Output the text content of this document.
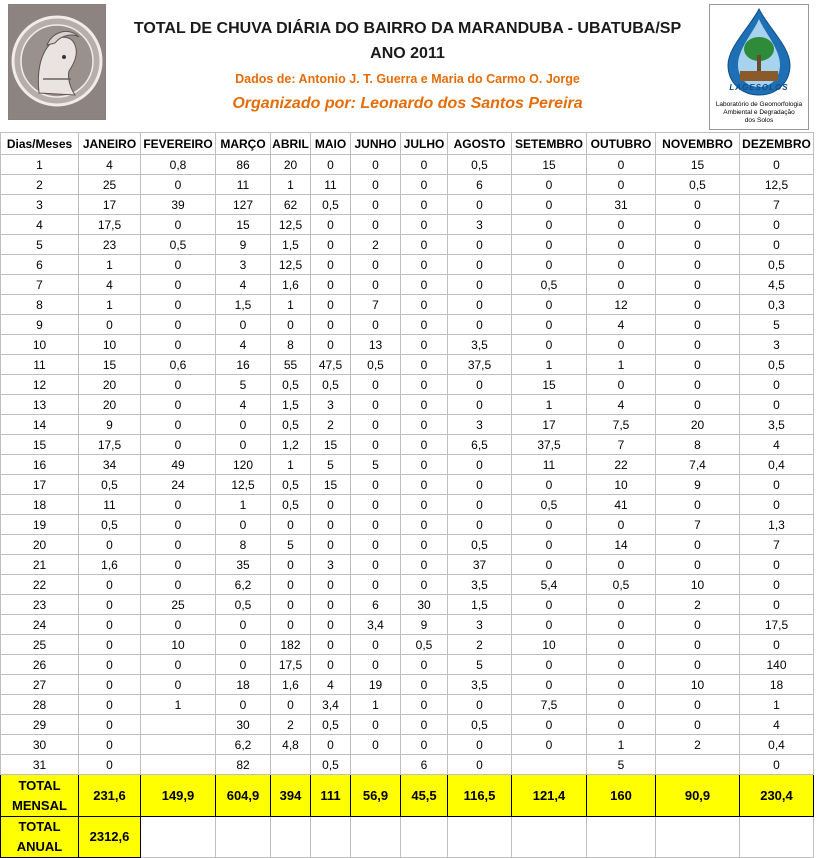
TOTAL DE CHUVA DIÁRIA DO BAIRRO DA MARANDUBA - UBATUBA/SP
ANO 2011
Dados de: Antonio J. T. Guerra e Maria do Carmo O. Jorge
Organizado por: Leonardo dos Santos Pereira
LAGESOLOS
Laboratório de Geomorfologia
Ambiental e Degradação
dos Solos
Dias/Meses	JANEIRO	FEVEREIRO	MARÇO	ABRIL	MAIO	JUNHO	JULHO	AGOSTO	SETEMBRO	OUTUBRO	NOVEMBRO	DEZEMBRO
1	4	0,8	86	20	0	0	0	0,5	15	0	15	0
2	25	0	11	1	11	0	0	6	0	0	0,5	12,5
3	17	39	127	62	0,5	0	0	0	0	31	0	7
4	17,5	0	15	12,5	0	0	0	3	0	0	0	0
5	23	0,5	9	1,5	0	2	0	0	0	0	0	0
6	1	0	3	12,5	0	0	0	0	0	0	0	0,5
7	4	0	4	1,6	0	0	0	0	0,5	0	0	4,5
8	1	0	1,5	1	0	7	0	0	0	12	0	0,3
9	0	0	0	0	0	0	0	0	0	4	0	5
10	10	0	4	8	0	13	0	3,5	0	0	0	3
11	15	0,6	16	55	47,5	0,5	0	37,5	1	1	0	0,5
12	20	0	5	0,5	0,5	0	0	0	15	0	0	0
13	20	0	4	1,5	3	0	0	0	1	4	0	0
14	9	0	0	0,5	2	0	0	3	17	7,5	20	3,5
15	17,5	0	0	1,2	15	0	0	6,5	37,5	7	8	4
16	34	49	120	1	5	5	0	0	11	22	7,4	0,4
17	0,5	24	12,5	0,5	15	0	0	0	0	10	9	0
18	11	0	1	0,5	0	0	0	0	0,5	41	0	0
19	0,5	0	0	0	0	0	0	0	0	0	7	1,3
20	0	0	8	5	0	0	0	0,5	0	14	0	7
21	1,6	0	35	0	3	0	0	37	0	0	0	0
22	0	0	6,2	0	0	0	0	3,5	5,4	0,5	10	0
23	0	25	0,5	0	0	6	30	1,5	0	0	2	0
24	0	0	0	0	0	3,4	9	3	0	0	0	17,5
25	0	10	0	182	0	0	0,5	2	10	0	0	0
26	0	0	0	17,5	0	0	0	5	0	0	0	140
27	0	0	18	1,6	4	19	0	3,5	0	0	10	18
28	0	1	0	0	3,4	1	0	0	7,5	0	0	1
29	0		30	2	0,5	0	0	0,5	0	0	0	4
30	0		6,2	4,8	0	0	0	0	0	1	2	0,4
31	0		82		0,5		6	0		5		0

TOTAL
MENSAL	231,6	149,9	604,9	394	111	56,9	45,5	116,5	121,4	160	90,9	230,4

TOTAL
ANUAL	2312,6											
